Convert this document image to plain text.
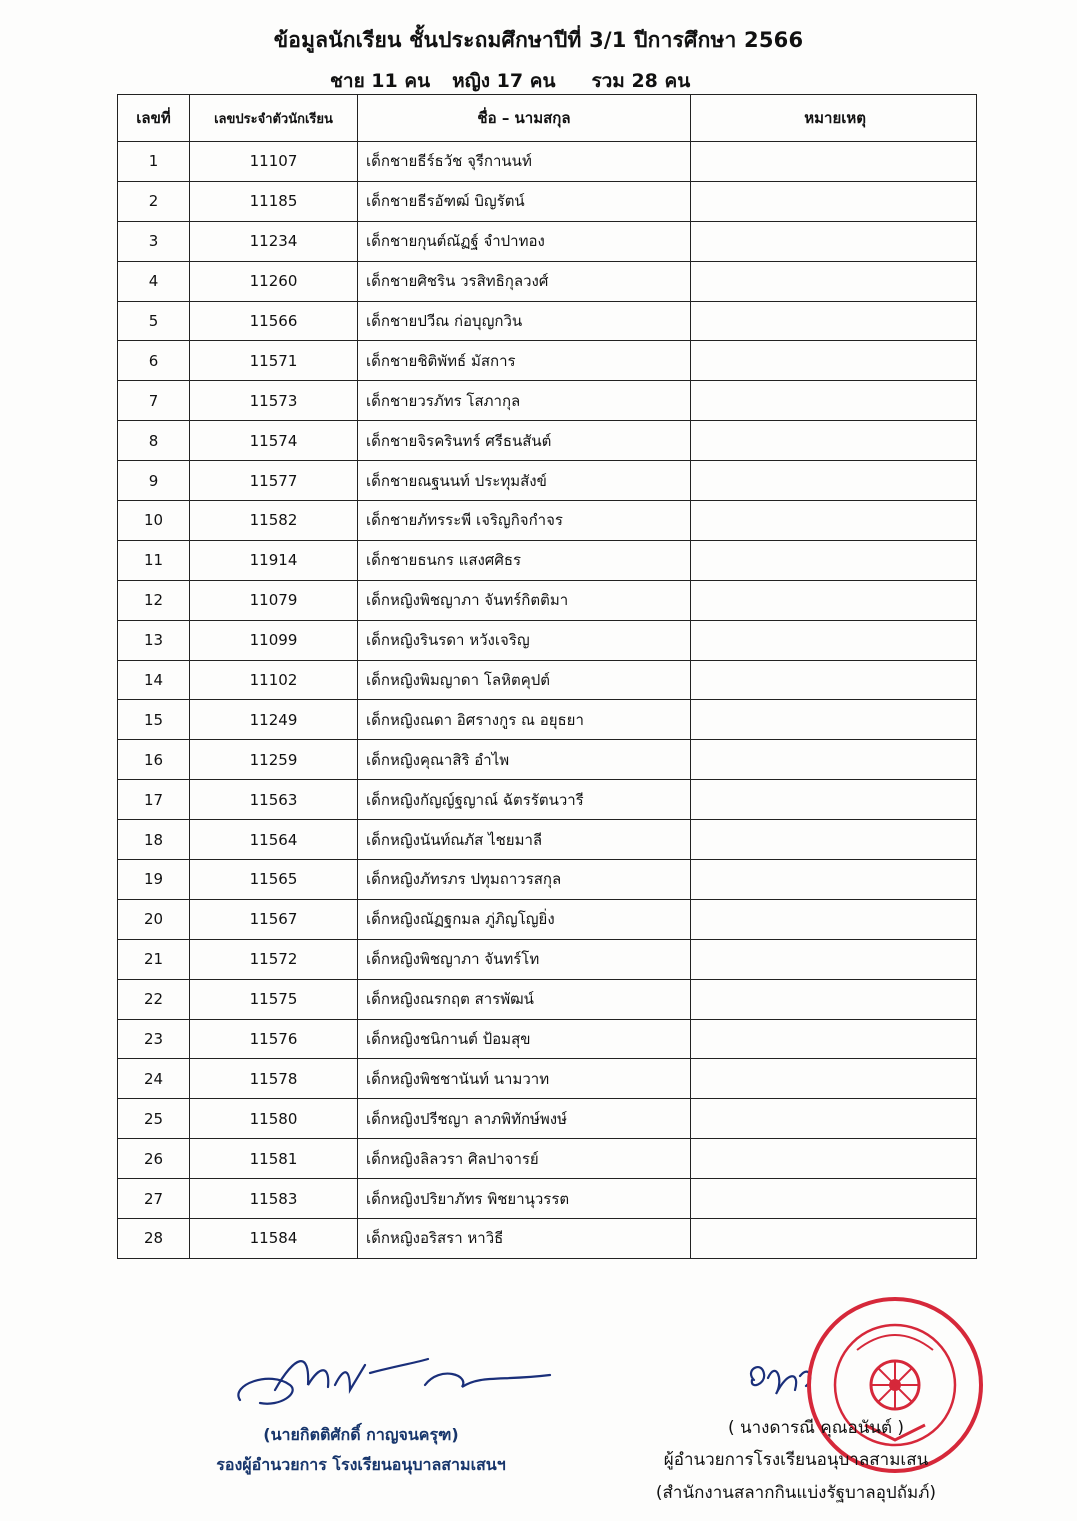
ข้อมูลนักเรียน ชั้นประถมศึกษาปีที่ 3/1 ปีการศึกษา 2566
ชาย 11 คน หญิง 17 คน รวม 28 คน
เลขที่	เลขประจำตัวนักเรียน	ชื่อ – นามสกุล	หมายเหตุ
1	11107	เด็กชายธีร์ธวัช จุรีกานนท์	
2	11185	เด็กชายธีรอัฑฒ์ บิญรัตน์	
3	11234	เด็กชายกุนต์ณัฏฐ์ จำปาทอง	
4	11260	เด็กชายศิชริน วรสิทธิกุลวงศ์	
5	11566	เด็กชายปวีณ ก่อบุญกวิน	
6	11571	เด็กชายชิติพัทธ์ มัสการ	
7	11573	เด็กชายวรภัทร โสภากุล	
8	11574	เด็กชายจิรครินทร์ ศรีธนสันต์	
9	11577	เด็กชายณฐนนท์ ประทุมสังข์	
10	11582	เด็กชายภัทรระพี เจริญกิจกำจร	
11	11914	เด็กชายธนกร แสงศศิธร	
12	11079	เด็กหญิงพิชญาภา จันทร์กิตติมา	
13	11099	เด็กหญิงรินรดา หวังเจริญ	
14	11102	เด็กหญิงพิมญาดา โลหิตคุปต์	
15	11249	เด็กหญิงณดา อิศรางกูร ณ อยุธยา	
16	11259	เด็กหญิงคุณาสิริ อำไพ	
17	11563	เด็กหญิงกัญญ์ฐญาณ์ ฉัตรรัตนวารี	
18	11564	เด็กหญิงนันท์ณภัส ไชยมาลี	
19	11565	เด็กหญิงภัทรภร ปทุมถาวรสกุล	
20	11567	เด็กหญิงณัฏฐกมล ภู่ภิญโญยิ่ง	
21	11572	เด็กหญิงพิชญาภา จันทร์โท	
22	11575	เด็กหญิงณรกฤต สารพัฒน์	
23	11576	เด็กหญิงชนิกานต์ ป้อมสุข	
24	11578	เด็กหญิงพิชชานันท์ นามวาท	
25	11580	เด็กหญิงปรีชญา ลาภพิทักษ์พงษ์	
26	11581	เด็กหญิงลิลวรา ศิลปาจารย์	
27	11583	เด็กหญิงปริยาภัทร พิชยานุวรรต	
28	11584	เด็กหญิงอริสรา หาวิธี	
(นายกิตติศักดิ์ กาญจนครุฑ)
รองผู้อำนวยการ โรงเรียนอนุบาลสามเสนฯ
( นางดารณี คุณอนันต์ )
ผู้อำนวยการโรงเรียนอนุบาลสามเสน
(สำนักงานสลากกินแบ่งรัฐบาลอุปถัมภ์)
